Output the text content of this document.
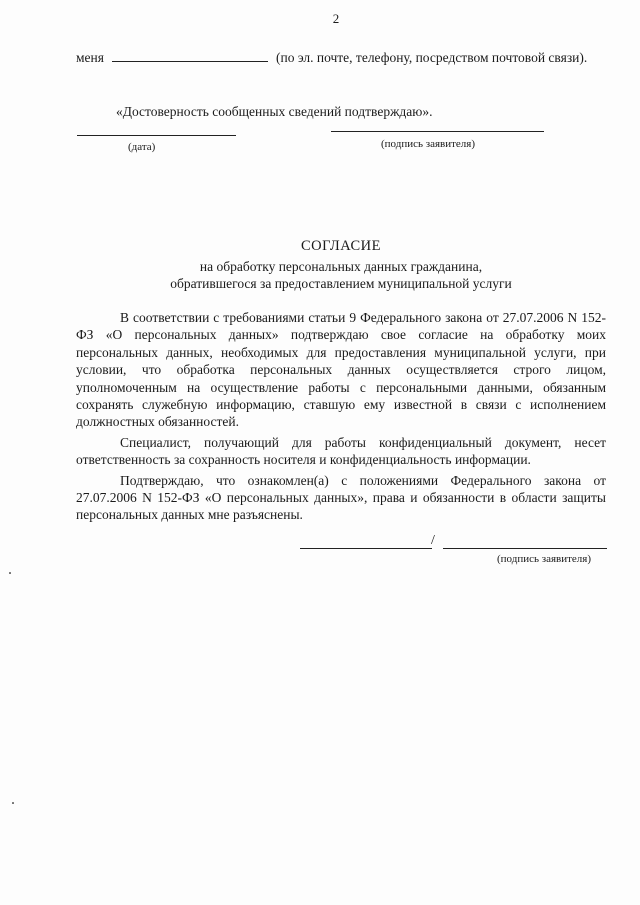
2
меня	(по эл. почте, телефону, посредством почтовой связи).
«Достоверность сообщенных сведений подтверждаю».
(дата)	(подпись заявителя)
СОГЛАСИЕ
на обработку персональных данных гражданина,
обратившегося за предоставлением муниципальной услуги

В соответствии с требованиями статьи 9 Федерального закона от 27.07.2006 N 152-ФЗ «О персональных данных» подтверждаю свое согласие на обработку моих персональных данных, необходимых для предоставления муниципальной услуги, при условии, что обработка персональных данных осуществляется строго лицом, уполномоченным на осуществление работы с персональными данными, обязанным сохранять служебную информацию, ставшую ему известной в связи с исполнением должностных обязанностей.

Специалист, получающий для работы конфиденциальный документ, несет ответственность за сохранность носителя и конфиденциальность информации.

Подтверждаю, что ознакомлен(а) с положениями Федерального закона от 27.07.2006 N 152-ФЗ «О персональных данных», права и обязанности в области защиты персональных данных мне разъяснены.

/
(подпись заявителя)
